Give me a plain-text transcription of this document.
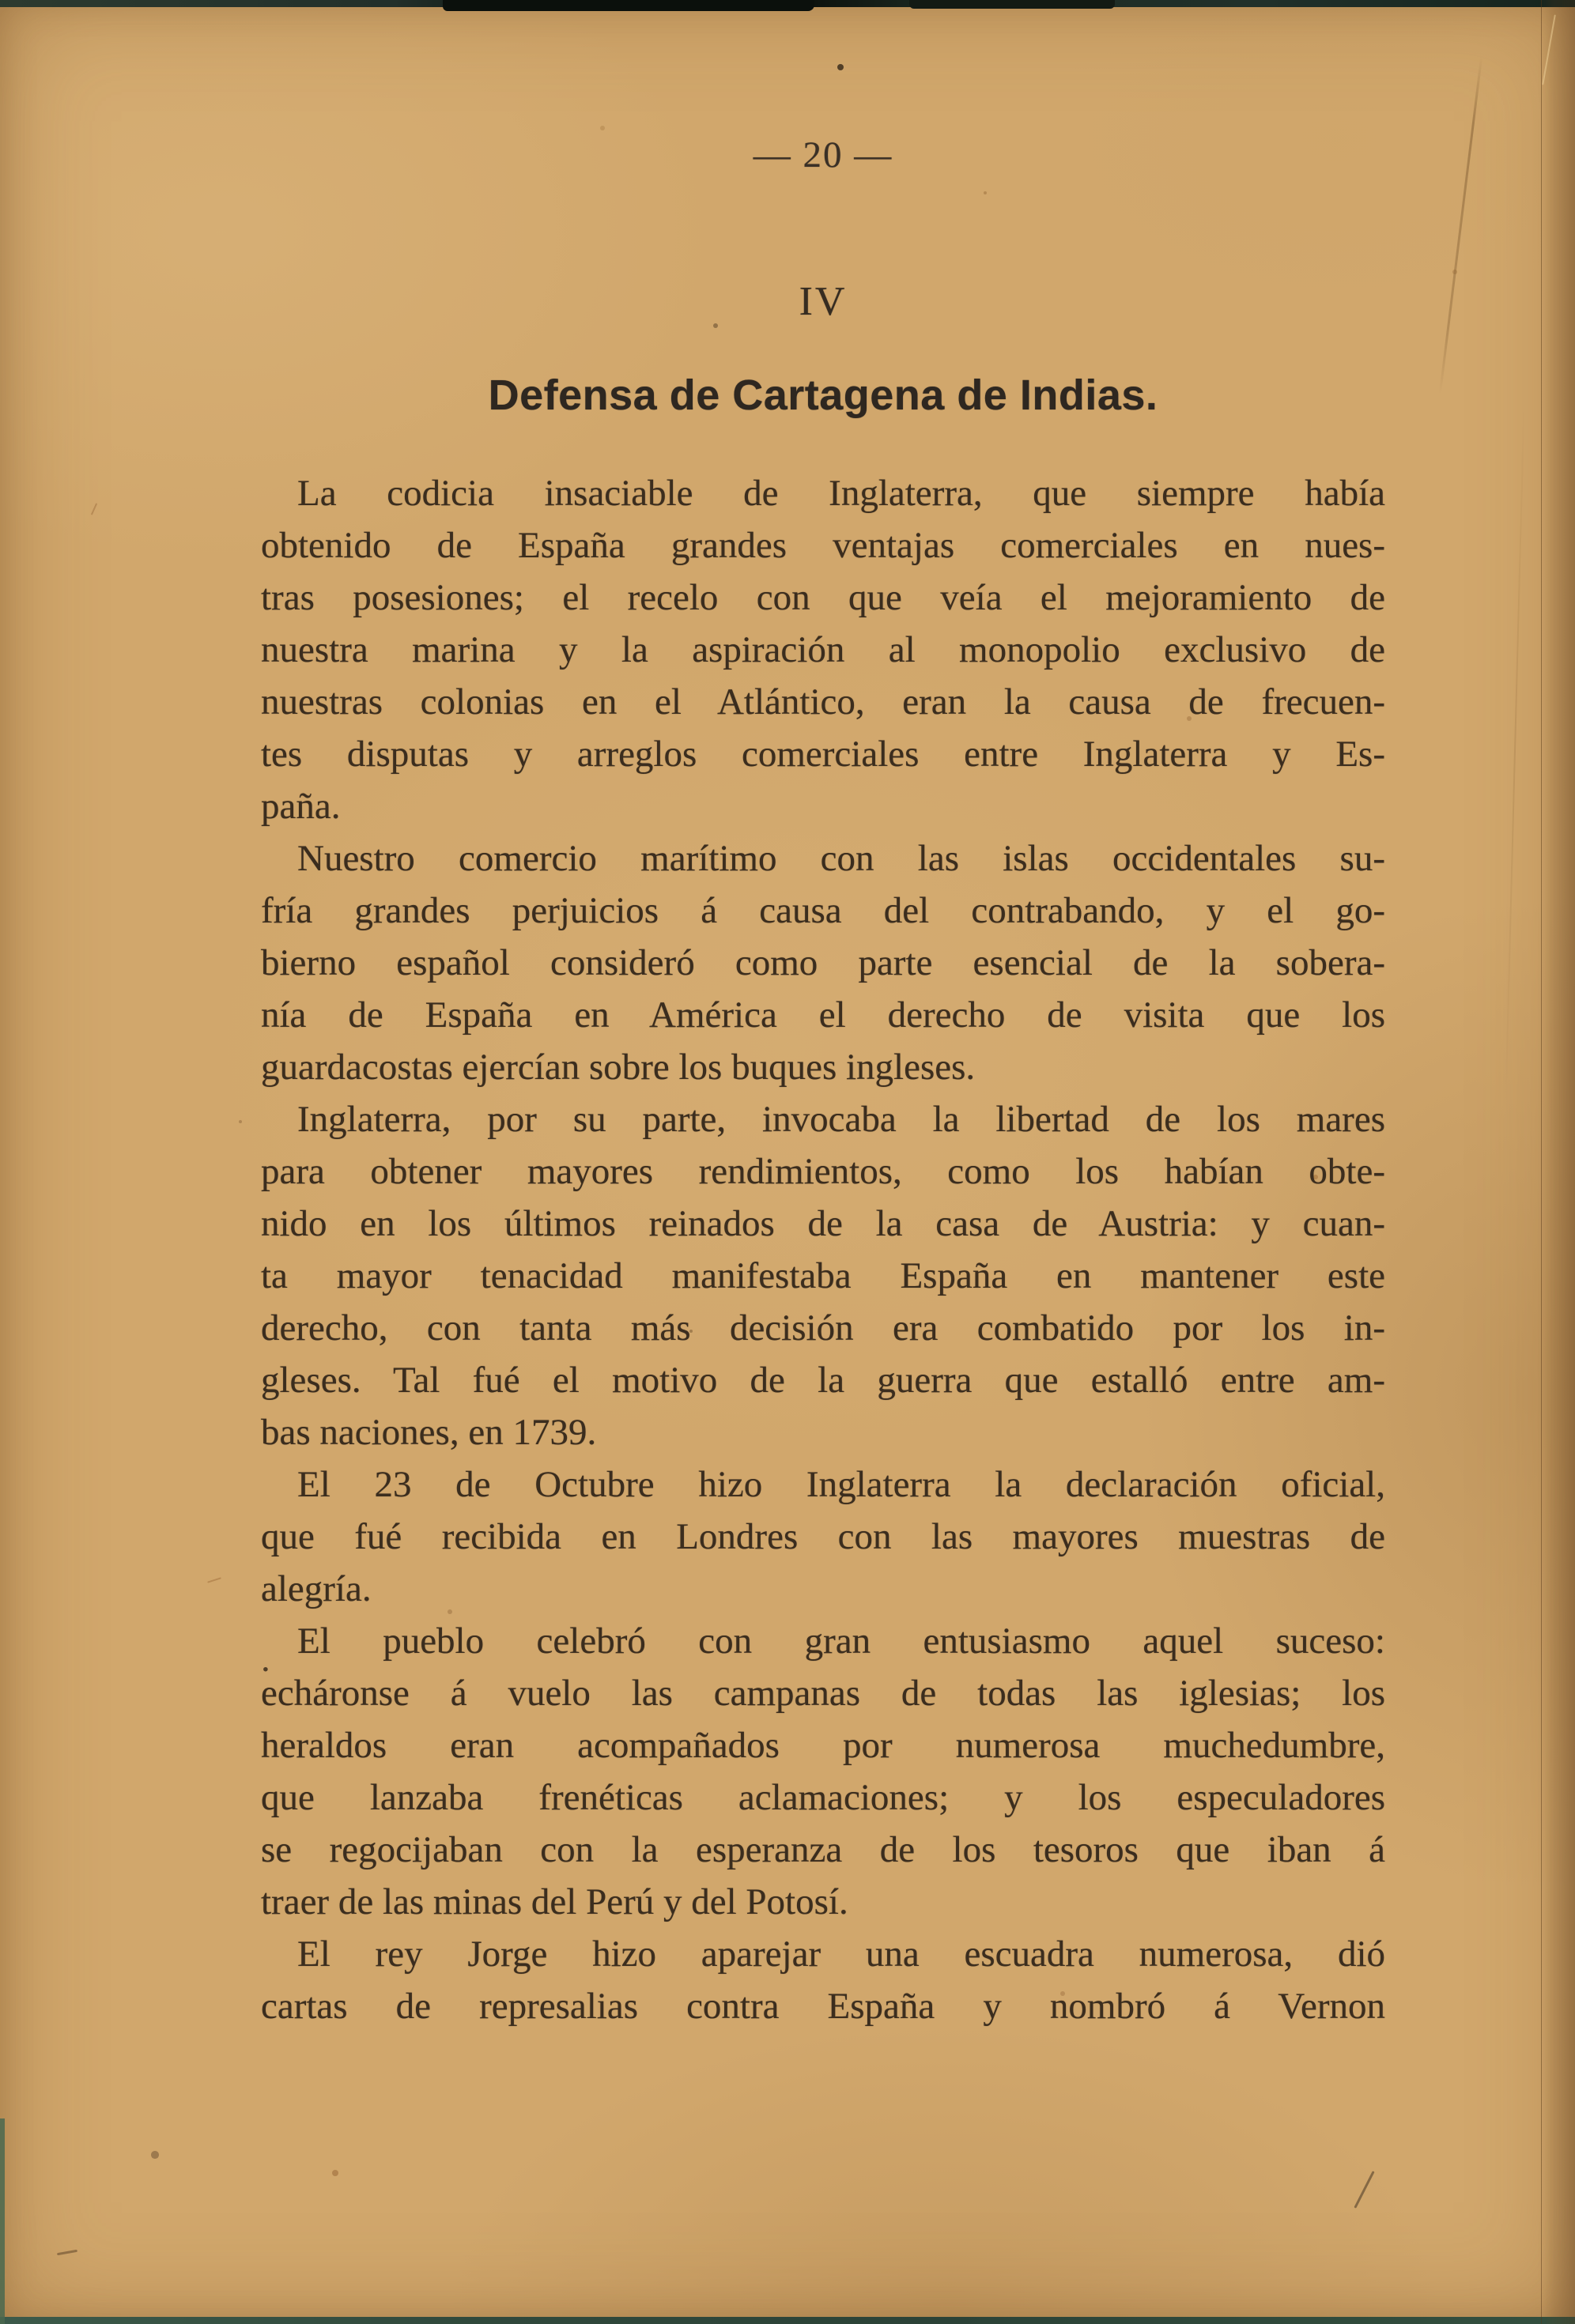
— 20 —
IV
Defensa de Cartagena de Indias.
.

La codicia insaciable de Inglaterra, que siempre había
obtenido de España grandes ventajas comerciales en nues-
tras posesiones; el recelo con que veía el mejoramiento de
nuestra marina y la aspiración al monopolio exclusivo de
nuestras colonias en el Atlántico, eran la causa de frecuen-
tes disputas y arreglos comerciales entre Inglaterra y Es-
paña.

Nuestro comercio marítimo con las islas occidentales su-
fría grandes perjuicios á causa del contrabando, y el go-
bierno español consideró como parte esencial de la sobera-
nía de España en América el derecho de visita que los
guardacostas ejercían sobre los buques ingleses.

Inglaterra, por su parte, invocaba la libertad de los mares
para obtener mayores rendimientos, como los habían obte-
nido en los últimos reinados de la casa de Austria: y cuan-
ta mayor tenacidad manifestaba España en mantener este
derecho, con tanta más decisión era combatido por los in-
gleses. Tal fué el motivo de la guerra que estalló entre am-
bas naciones, en 1739.

El 23 de Octubre hizo Inglaterra la declaración oficial,
que fué recibida en Londres con las mayores muestras de
alegría.

El pueblo celebró con gran entusiasmo aquel suceso:
echáronse á vuelo las campanas de todas las iglesias; los
heraldos eran acompañados por numerosa muchedumbre,
que lanzaba frenéticas aclamaciones; y los especuladores
se regocijaban con la esperanza de los tesoros que iban á
traer de las minas del Perú y del Potosí.

El rey Jorge hizo aparejar una escuadra numerosa, dió
cartas de represalias contra España y nombró á Vernon
